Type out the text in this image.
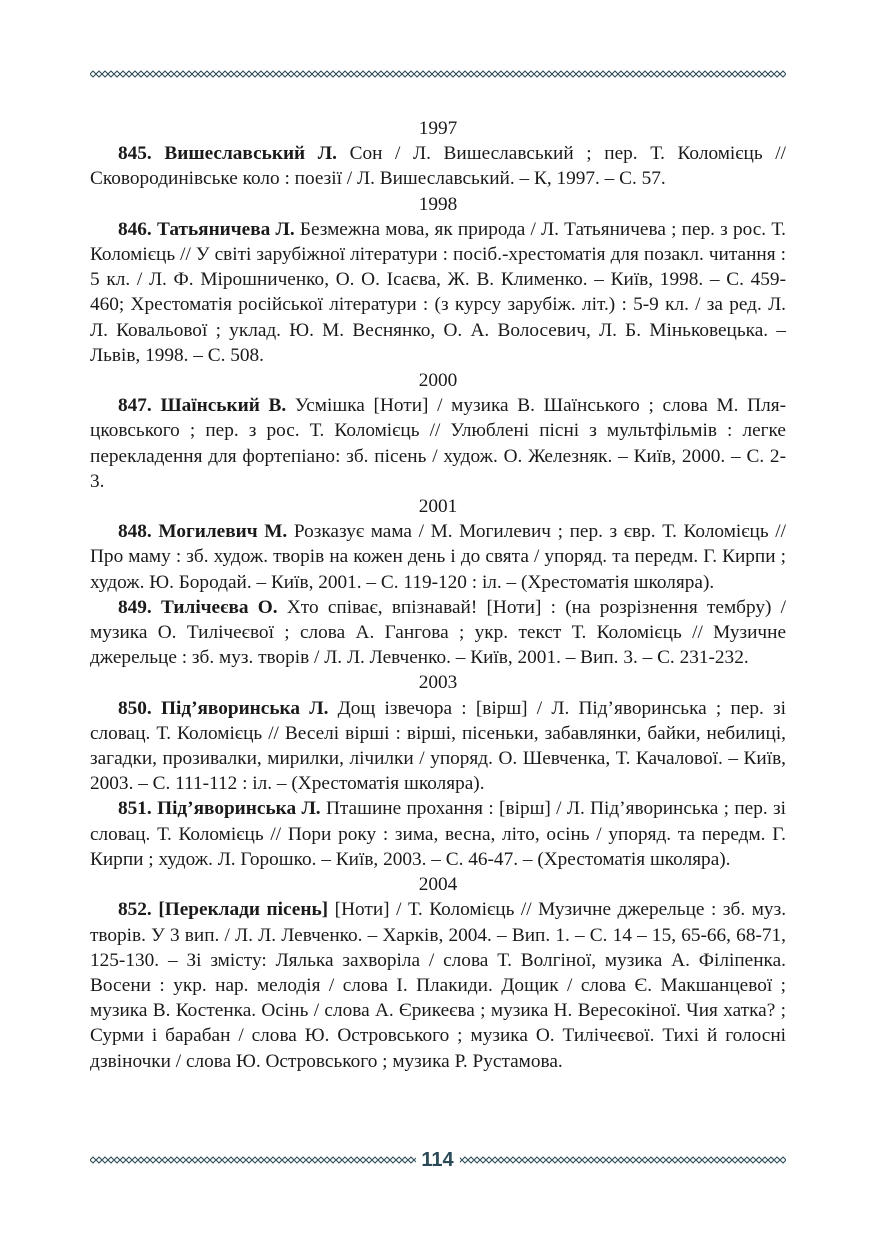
1997

845. Вишеславський Л. Сон / Л. Вишеславський ; пер. Т. Коломієць // Сковородинівське коло : поезії / Л. Вишеславський. – К, 1997. – С. 57.

1998

846. Татьяничева Л. Безмежна мова, як природа / Л. Татьяничева ; пер. з рос. Т. Коломієць // У світі зарубіжної літератури : посіб.-хрестоматія для позакл. читання : 5 кл. / Л. Ф. Мірошниченко, О. О. Ісаєва, Ж. В. Клименко. – Київ, 1998. – С. 459-460; Хрестоматія російської літератури : (з курсу зарубіж. літ.) : 5-9 кл. / за ред. Л. Л. Ковальової ; уклад. Ю. М. Веснянко, О. А. Волосевич, Л. Б. Міньковецька. – Львів, 1998. – С. 508.

2000

847. Шаїнський В. Усмішка [Ноти] / музика В. Шаїнського ; слова М. Пляцковського ; пер. з рос. Т. Коломієць // Улюблені пісні з мультфільмів : легке перекладення для фортепіано: зб. пісень / худож. О. Железняк. – Київ, 2000. – С. 2-3.

2001

848. Могилевич М. Розказує мама / М. Могилевич ; пер. з євр. Т. Коломієць // Про маму : зб. худож. творів на кожен день і до свята / упоряд. та передм. Г. Кирпи ; худож. Ю. Бородай. – Київ, 2001. – С. 119-120 : іл. – (Хрестоматія школяра).

849. Тилічеєва О. Хто співає, впізнавай! [Ноти] : (на розрізнення тембру) / музика О. Тилічеєвої ; слова А. Гангова ; укр. текст Т. Коломієць // Музичне джерельце : зб. муз. творів / Л. Л. Левченко. – Київ, 2001. – Вип. 3. – С. 231-232.

2003

850. Під’яворинська Л. Дощ ізвечора : [вірш] / Л. Під’яворинська ; пер. зі словац. Т. Коломієць // Веселі вірші : вірші, пісеньки, забавлянки, байки, небилиці, загадки, прозивалки, мирилки, лічилки / упоряд. О. Шевченка, Т. Качалової. – Київ, 2003. – С. 111-112 : іл. – (Хрестоматія школяра).

851. Під’яворинська Л. Пташине прохання : [вірш] / Л. Під’яворинська ; пер. зі словац. Т. Коломієць // Пори року : зима, весна, літо, осінь / упоряд. та передм. Г. Кирпи ; худож. Л. Горошко. – Київ, 2003. – С. 46-47. – (Хрестоматія школяра).

2004

852. [Переклади пісень] [Ноти] / Т. Коломієць // Музичне джерельце : зб. муз. творів. У 3 вип. / Л. Л. Левченко. – Харків, 2004. – Вип. 1. – С. 14 – 15, 65-66, 68-71, 125-130. – Зі змісту: Лялька захворіла / слова Т. Волгіної, музика А. Філіпенка. Восени : укр. нар. мелодія / слова І. Плакиди. Дощик / слова Є. Макшанцевої ; музика В. Костенка. Осінь / слова А. Єрикеєва ; музика Н. Вересокіної. Чия хатка? ; Сурми і барабан / слова Ю. Островського ; музика О. Тилічеєвої. Тихі й голосні дзвіночки / слова Ю. Островського ; музика Р. Рустамова.

114
